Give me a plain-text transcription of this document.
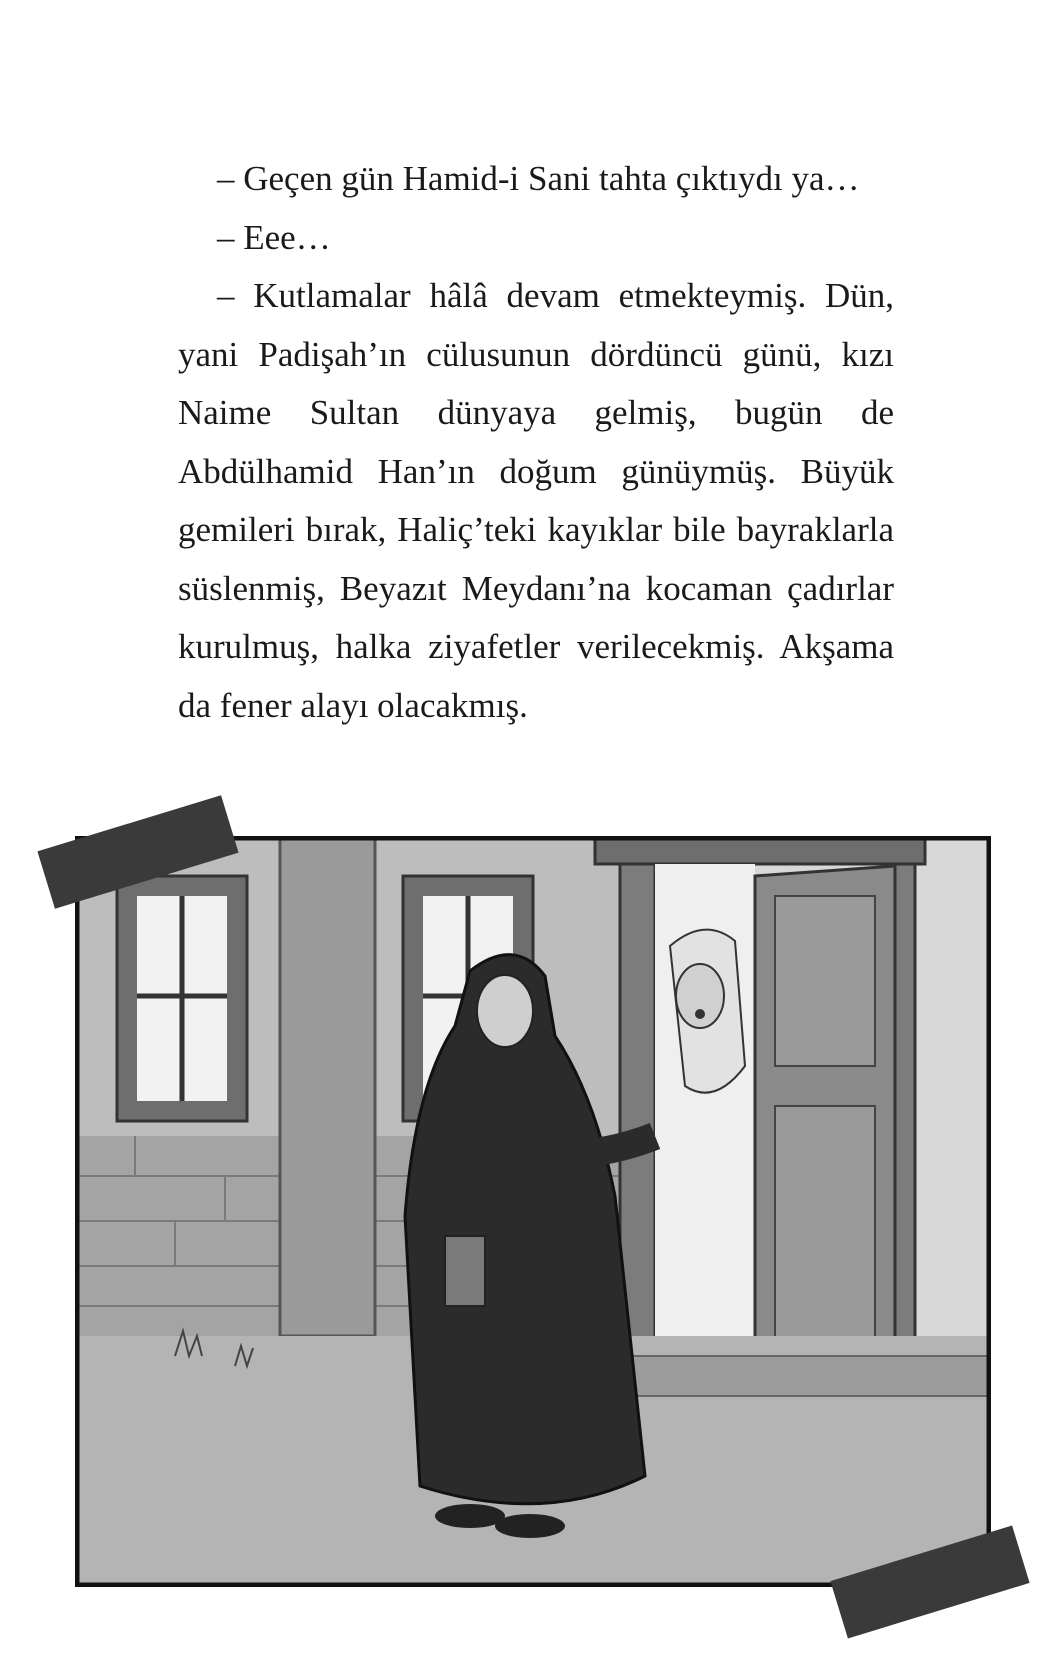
– Geçen gün Hamid-i Sani tahta çıktıydı ya…

– Eee…

– Kutlamalar hâlâ devam etmekteymiş. Dün, yani Padişah’ın cülusunun dördüncü günü, kızı Naime Sultan dünyaya gelmiş, bugün de Abdülhamid Han’ın doğum günüymüş. Büyük gemileri bırak, Haliç’teki kayıklar bile bayraklarla süslenmiş, Beyazıt Meydanı’na kocaman çadırlar kurulmuş, halka ziyafetler verilecekmiş. Akşama da fener alayı olacakmış.
